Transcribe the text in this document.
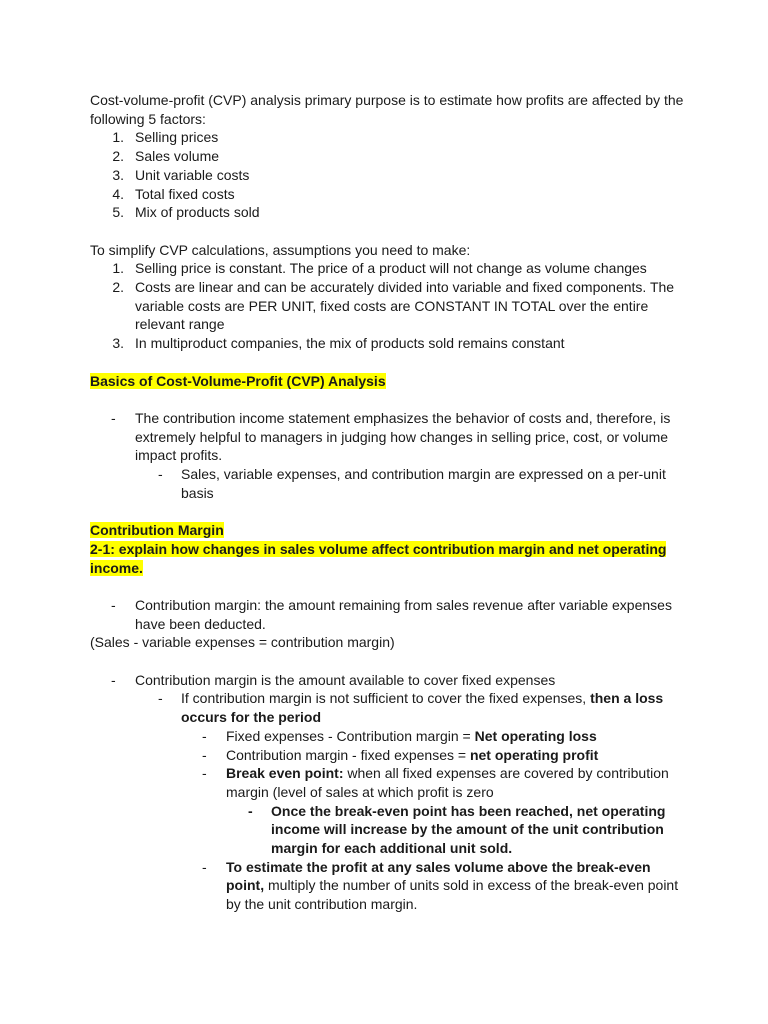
Cost-volume-profit (CVP) analysis primary purpose is to estimate how profits are affected by the following 5 factors:

1. Selling prices
2. Sales volume
3. Unit variable costs
4. Total fixed costs
5. Mix of products sold

To simplify CVP calculations, assumptions you need to make:

1. Selling price is constant. The price of a product will not change as volume changes
2. Costs are linear and can be accurately divided into variable and fixed components. The variable costs are PER UNIT, fixed costs are CONSTANT IN TOTAL over the entire relevant range
3. In multiproduct companies, the mix of products sold remains constant

Basics of Cost-Volume-Profit (CVP) Analysis

- The contribution income statement emphasizes the behavior of costs and, therefore, is extremely helpful to managers in judging how changes in selling price, cost, or volume impact profits.
- Sales, variable expenses, and contribution margin are expressed on a per-unit basis

Contribution Margin

2-1: explain how changes in sales volume affect contribution margin and net operating income.

- Contribution margin: the amount remaining from sales revenue after variable expenses have been deducted.

(Sales - variable expenses = contribution margin)

- Contribution margin is the amount available to cover fixed expenses
- If contribution margin is not sufficient to cover the fixed expenses, then a loss occurs for the period
- Fixed expenses - Contribution margin = Net operating loss
- Contribution margin - fixed expenses = net operating profit
- Break even point: when all fixed expenses are covered by contribution margin (level of sales at which profit is zero
- Once the break-even point has been reached, net operating income will increase by the amount of the unit contribution margin for each additional unit sold.
- To estimate the profit at any sales volume above the break-even point, multiply the number of units sold in excess of the break-even point by the unit contribution margin.
